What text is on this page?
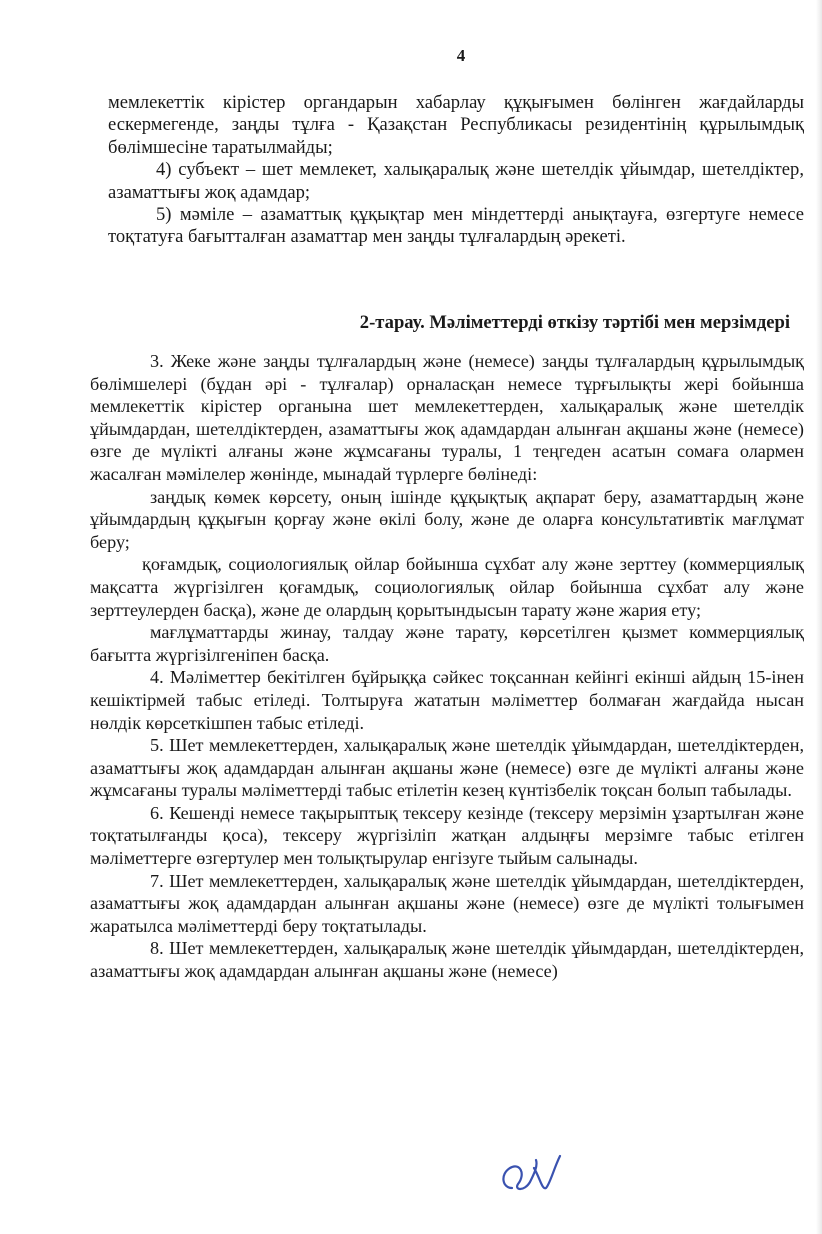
4

мемлекеттік кірістер органдарын хабарлау құқығымен бөлінген жағдайларды ескермегенде, заңды тұлға - Қазақстан Республикасы резидентінің құрылымдық бөлімшесіне таратылмайды;

4) субъект – шет мемлекет, халықаралық және шетелдік ұйымдар, шетелдіктер, азаматтығы жоқ адамдар;

5) мәміле – азаматтық құқықтар мен міндеттерді анықтауға, өзгертуге немесе тоқтатуға бағытталған азаматтар мен заңды тұлғалардың әрекеті.

2-тарау. Мәліметтерді өткізу тәртібі мен мерзімдері

3. Жеке және заңды тұлғалардың және (немесе) заңды тұлғалардың құрылымдық бөлімшелері (бұдан әрі - тұлғалар) орналасқан немесе тұрғылықты жері бойынша мемлекеттік кірістер органына шет мемлекеттерден, халықаралық және шетелдік ұйымдардан, шетелдіктерден, азаматтығы жоқ адамдардан алынған ақшаны және (немесе) өзге де мүлікті алғаны және жұмсағаны туралы, 1 теңгеден асатын сомаға олармен жасалған мәмілелер жөнінде, мынадай түрлерге бөлінеді:

заңдық көмек көрсету, оның ішінде құқықтық ақпарат беру, азаматтардың және ұйымдардың құқығын қорғау және өкілі болу, және де оларға консультативтік мағлұмат беру;

қоғамдық, социологиялық ойлар бойынша сұхбат алу және зерттеу (коммерциялық мақсатта жүргізілген қоғамдық, социологиялық ойлар бойынша сұхбат алу және зерттеулерден басқа), және де олардың қорытындысын тарату және жария ету;

мағлұматтарды жинау, талдау және тарату, көрсетілген қызмет коммерциялық бағытта жүргізілгеніпен басқа.

4. Мәліметтер бекітілген бұйрыққа сәйкес тоқсаннан кейінгі екінші айдың 15-інен кешіктірмей табыс етіледі. Толтыруға жататын мәліметтер болмаған жағдайда нысан нөлдік көрсеткішпен табыс етіледі.

5. Шет мемлекеттерден, халықаралық және шетелдік ұйымдардан, шетелдіктерден, азаматтығы жоқ адамдардан алынған ақшаны және (немесе) өзге де мүлікті алғаны және жұмсағаны туралы мәліметтерді табыс етілетін кезең күнтізбелік тоқсан болып табылады.

6. Кешенді немесе тақырыптық тексеру кезінде (тексеру мерзімін ұзартылған және тоқтатылғанды қоса), тексеру жүргізіліп жатқан алдыңғы мерзімге табыс етілген мәліметтерге өзгертулер мен толықтырулар енгізуге тыйым салынады.

7. Шет мемлекеттерден, халықаралық және шетелдік ұйымдардан, шетелдіктерден, азаматтығы жоқ адамдардан алынған ақшаны және (немесе) өзге де мүлікті толығымен жаратылса мәліметтерді беру тоқтатылады.

8. Шет мемлекеттерден, халықаралық және шетелдік ұйымдардан, шетелдіктерден, азаматтығы жоқ адамдардан алынған ақшаны және (немесе)
